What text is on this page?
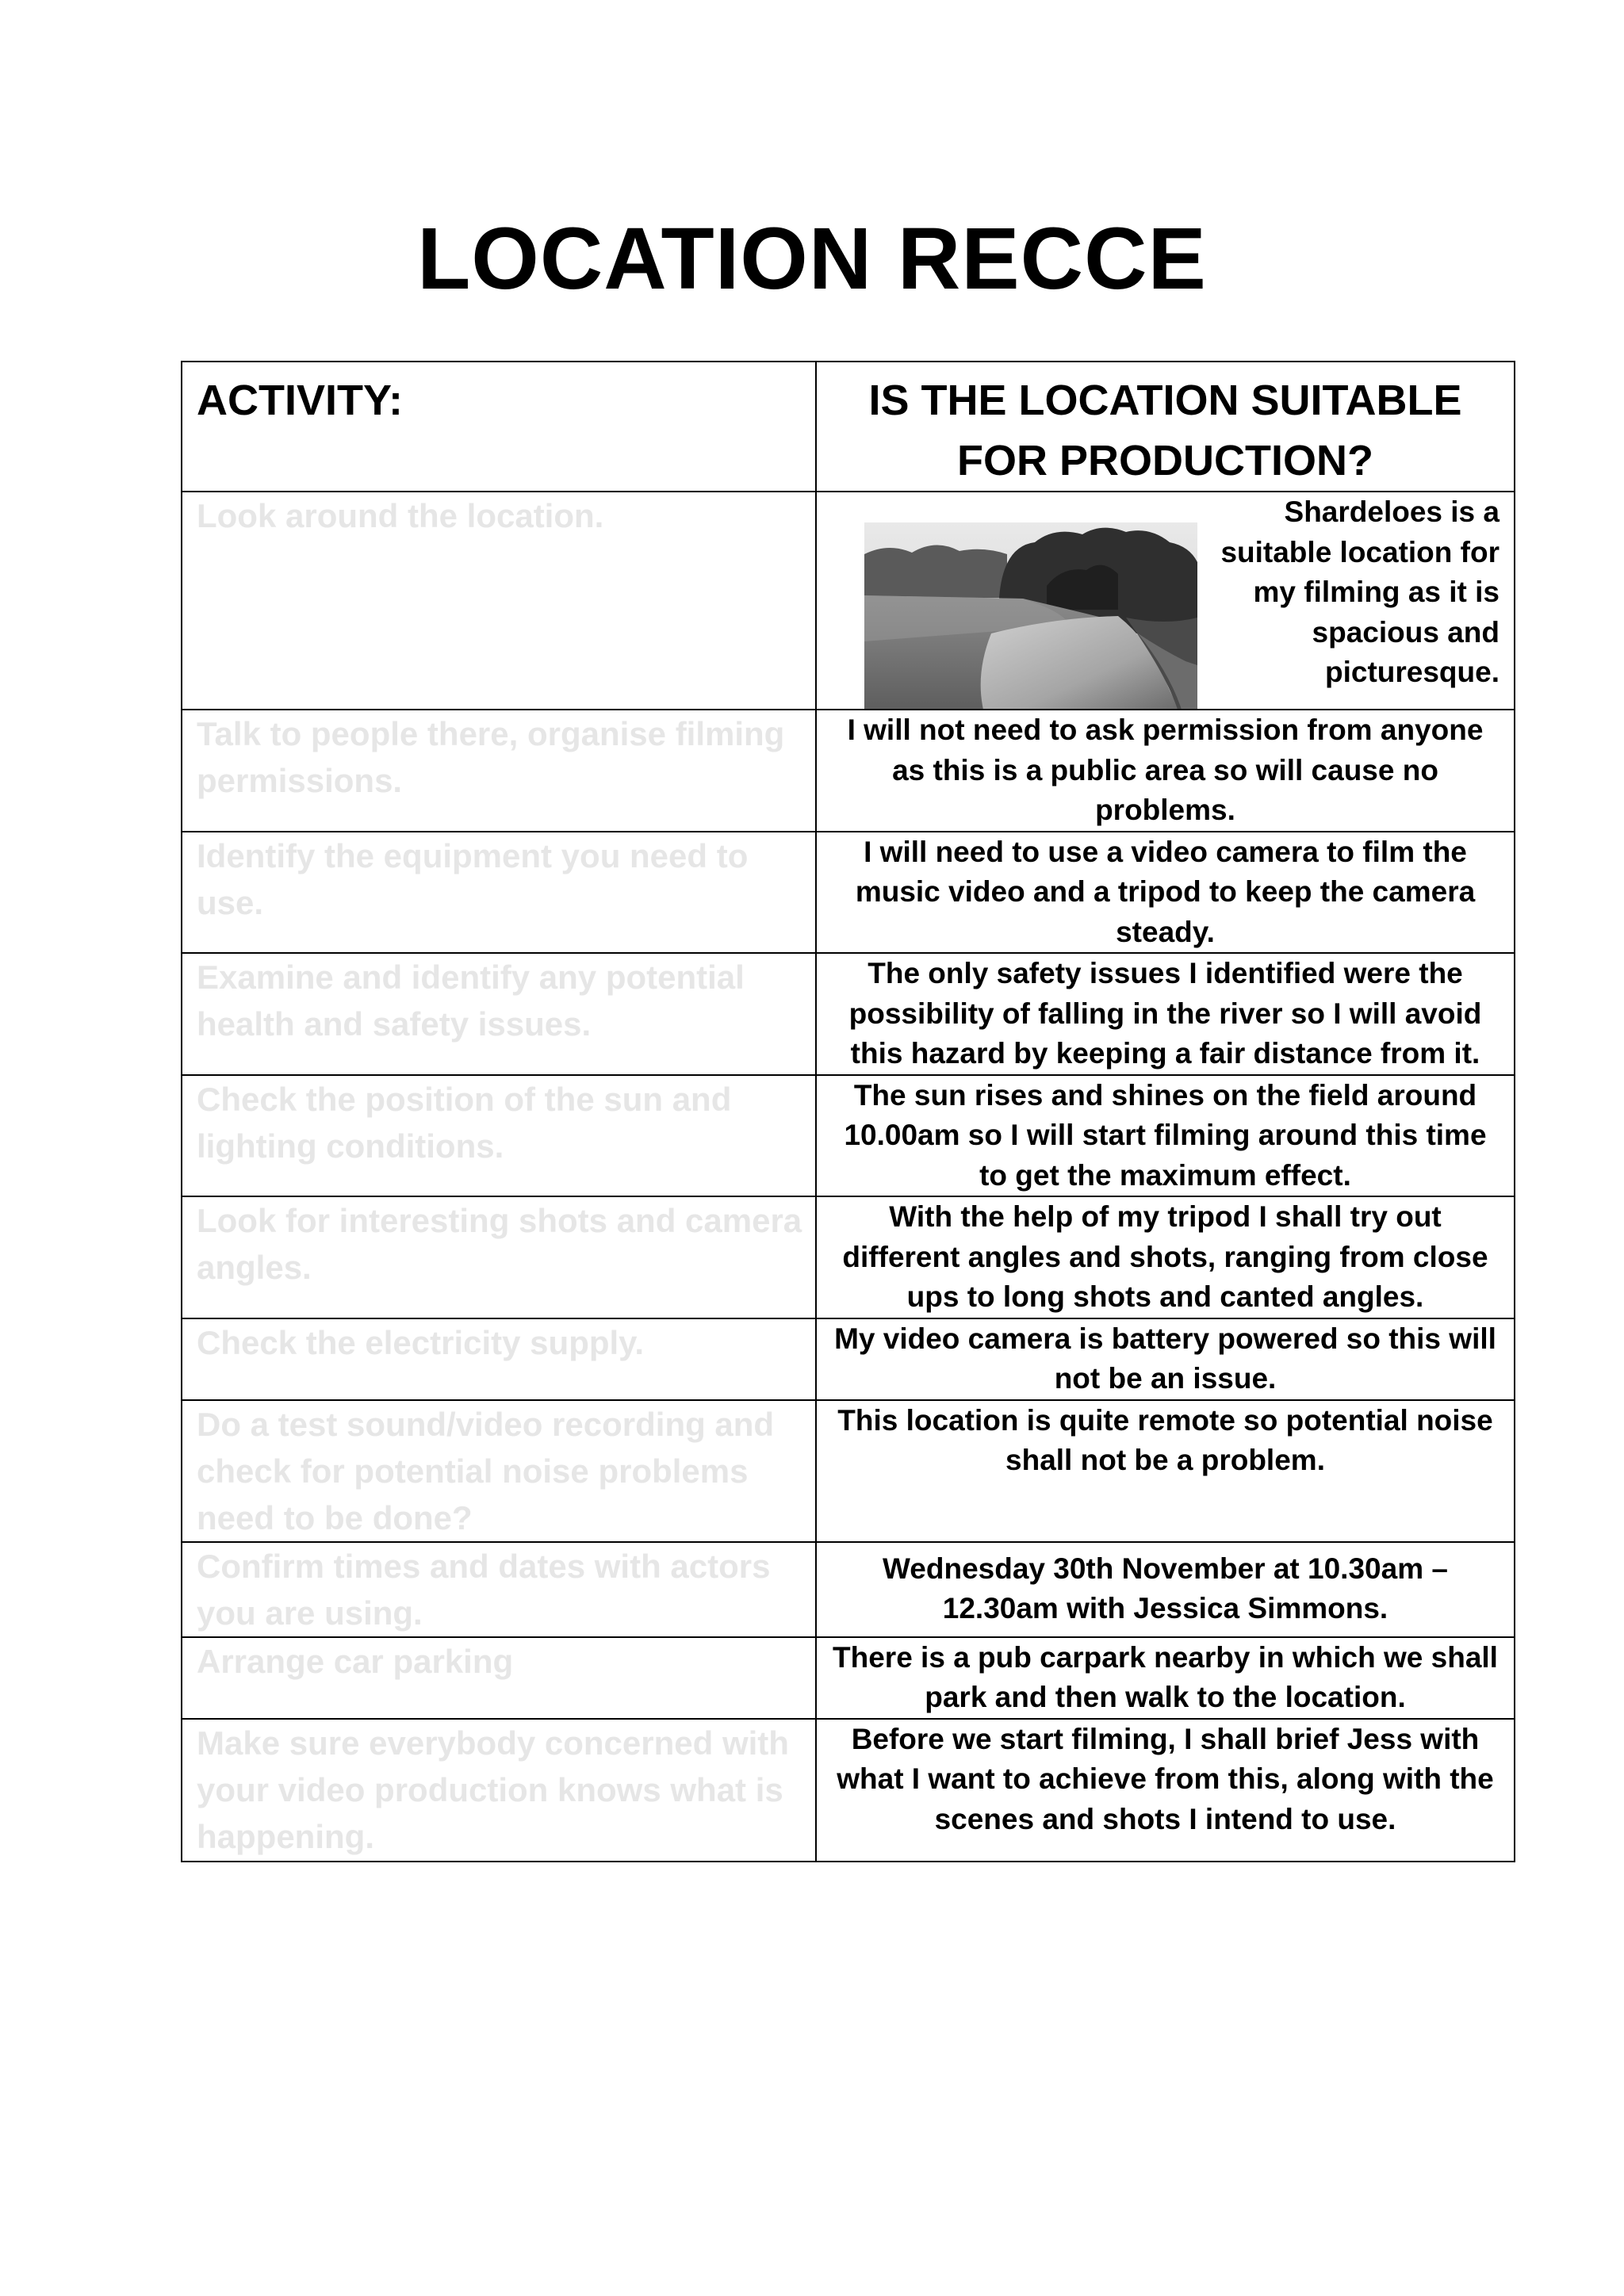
LOCATION RECCE
ACTIVITY:	IS THE LOCATION SUITABLE FOR PRODUCTION?
Look around the location.	Shardeloes is a suitable location for my filming as it is spacious and picturesque.

Talk to people there, organise filming permissions.	I will not need to ask permission from anyone as this is a public area so will cause no problems.
Identify the equipment you need to use.	I will need to use a video camera to film the music video and a tripod to keep the camera steady.
Examine and identify any potential health and safety issues.	The only safety issues I identified were the possibility of falling in the river so I will avoid this hazard by keeping a fair distance from it.
Check the position of the sun and lighting conditions.	The sun rises and shines on the field around 10.00am so I will start filming around this time to get the maximum effect.
Look for interesting shots and camera angles.	With the help of my tripod I shall try out different angles and shots, ranging from close ups to long shots and canted angles.
Check the electricity supply.	My video camera is battery powered so this will not be an issue.
Do a test sound/video recording and check for potential noise problems need to be done?	This location is quite remote so potential noise shall not be a problem.
Confirm times and dates with actors you are using.	Wednesday 30th November at 10.30am – 12.30am with Jessica Simmons.
Arrange car parking	There is a pub carpark nearby in which we shall park and then walk to the location.
Make sure everybody concerned with your video production knows what is happening.	Before we start filming, I shall brief Jess with what I want to achieve from this, along with the scenes and shots I intend to use.
